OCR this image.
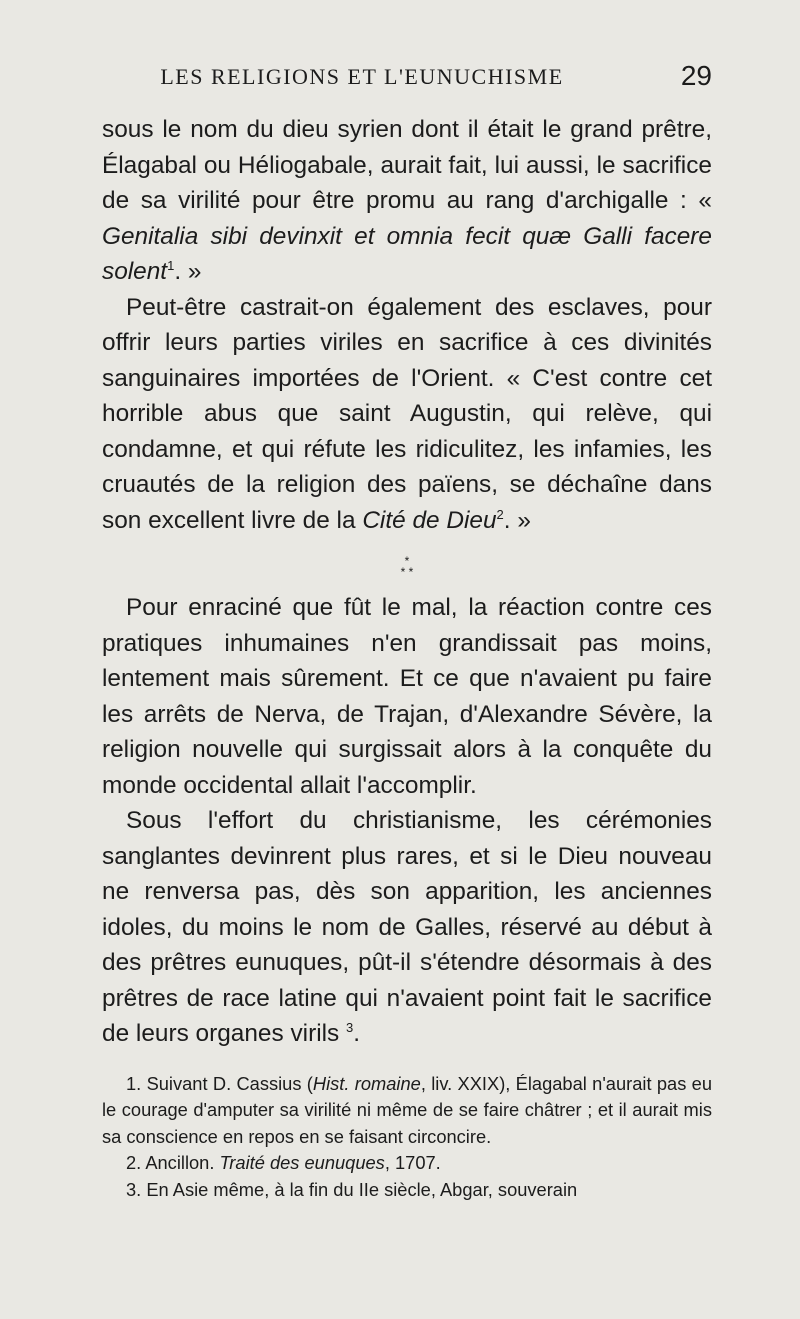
LES RELIGIONS ET L'EUNUCHISME	29

sous le nom du dieu syrien dont il était le grand prêtre, Élagabal ou Héliogabale, aurait fait, lui aussi, le sacrifice de sa virilité pour être promu au rang d'archigalle : « Genitalia sibi devinxit et omnia fecit quæ Galli facere solent$^1$. »

Peut-être castrait-on également des esclaves, pour offrir leurs parties viriles en sacrifice à ces divinités sanguinaires importées de l'Orient. « C'est contre cet horrible abus que saint Augustin, qui relève, qui condamne, et qui réfute les ridiculitez, les infamies, les cruautés de la religion des païens, se déchaîne dans son excellent livre de la Cité de Dieu$^2$. »

*
* *

Pour enraciné que fût le mal, la réaction contre ces pratiques inhumaines n'en grandissait pas moins, lentement mais sûrement. Et ce que n'avaient pu faire les arrêts de Nerva, de Trajan, d'Alexandre Sévère, la religion nouvelle qui surgissait alors à la conquête du monde occidental allait l'accomplir.

Sous l'effort du christianisme, les cérémonies sanglantes devinrent plus rares, et si le Dieu nouveau ne renversa pas, dès son apparition, les anciennes idoles, du moins le nom de Galles, réservé au début à des prêtres eunuques, pût-il s'étendre désormais à des prêtres de race latine qui n'avaient point fait le sacrifice de leurs organes virils $^3$.

1. Suivant D. Cassius (Hist. romaine, liv. XXIX), Élagabal n'aurait pas eu le courage d'amputer sa virilité ni même de se faire châtrer ; et il aurait mis sa conscience en repos en se faisant circoncire.

2. Ancillon. Traité des eunuques, 1707.

3. En Asie même, à la fin du IIe siècle, Abgar, souverain
